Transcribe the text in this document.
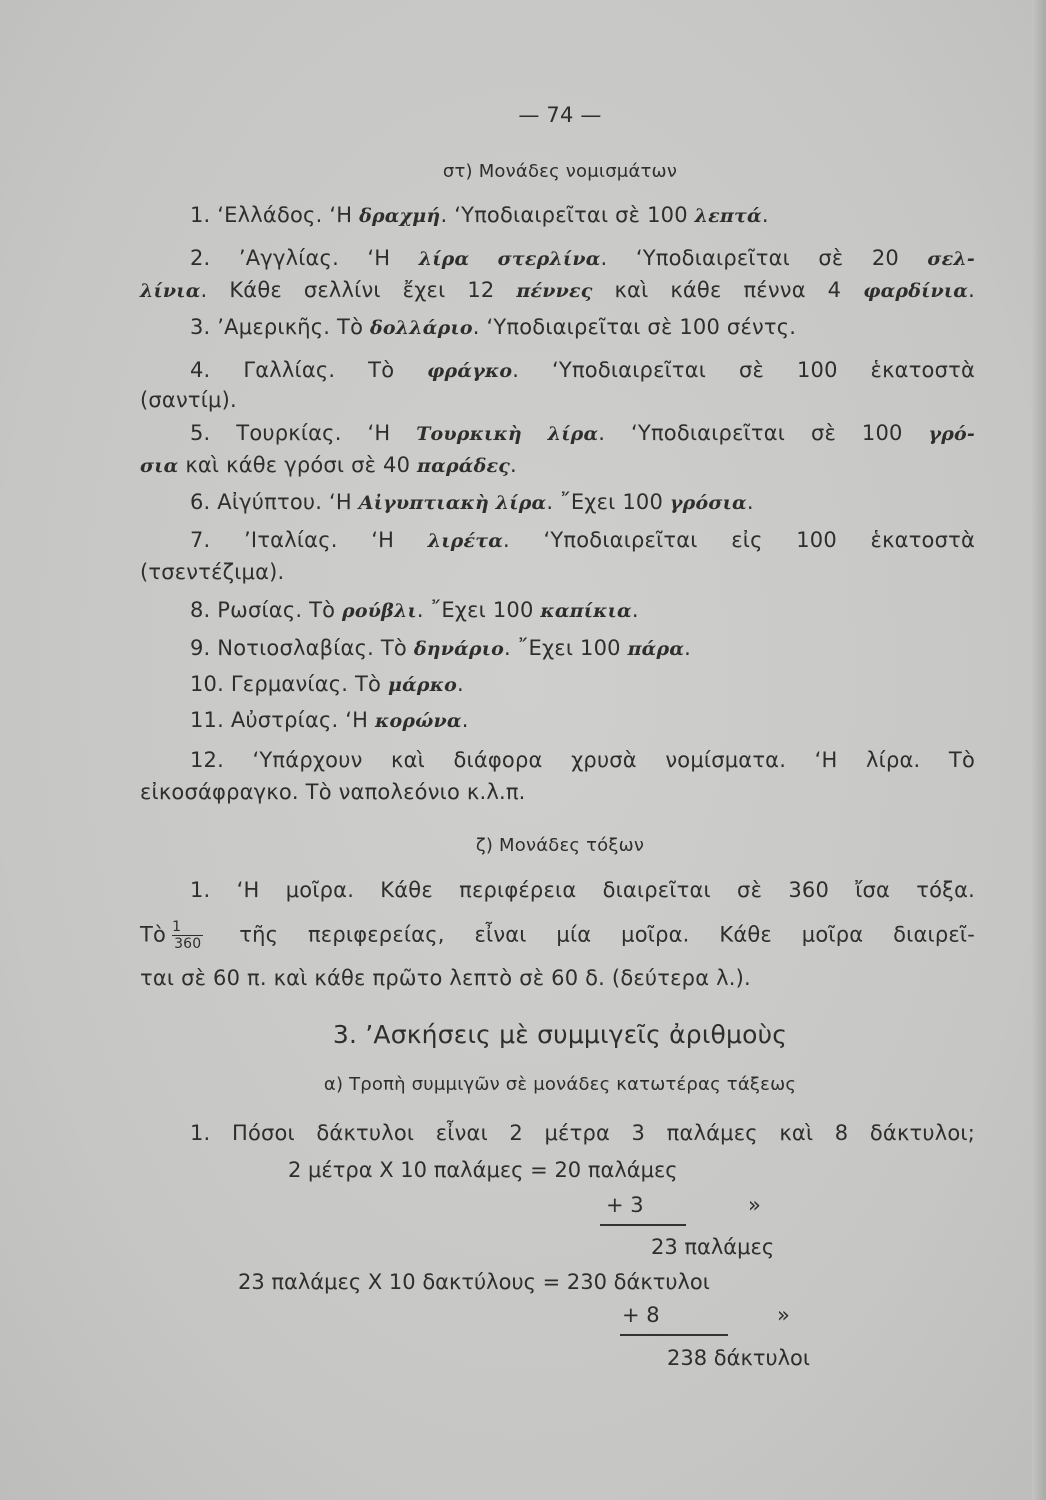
— 74 —
στ) Μονάδες νομισμάτων
1. ‘Ελλάδος. ‘Η δραχμή. ‘Υποδιαιρεῖται σὲ 100 λεπτά.
2. ’Αγγλίας. ‘Η λίρα στερλίνα. ‘Υποδιαιρεῖται σὲ 20 σελ-
λίνια. Κάθε σελλίνι ἔχει 12 πέννες καὶ κάθε πέννα 4 φαρδίνια.
3. ’Αμερικῆς. Τὸ δολλάριο. ‘Υποδιαιρεῖται σὲ 100 σέντς.
4. Γαλλίας. Τὸ φράγκο. ‘Υποδιαιρεῖται σὲ 100 ἑκατοστὰ
(σαντίμ).
5. Τουρκίας. ‘Η Τουρκικὴ λίρα. ‘Υποδιαιρεῖται σὲ 100 γρό-
σια καὶ κάθε γρόσι σὲ 40 παράδες.
6. Αἰγύπτου. ‘Η Αἰγυπτιακὴ λίρα. ῎Εχει 100 γρόσια.
7. ’Ιταλίας. ‘Η λιρέτα. ‘Υποδιαιρεῖται εἰς 100 ἑκατοστὰ
(τσεντέζιμα).
8. Ρωσίας. Τὸ ρούβλι. ῎Εχει 100 καπίκια.
9. Νοτιοσλαβίας. Τὸ δηνάριο. ῎Εχει 100 πάρα.
10. Γερμανίας. Τὸ μάρκο.
11. Αὐστρίας. ‘Η κορώνα.
12. ‘Υπάρχουν καὶ διάφορα χρυσὰ νομίσματα. ‘Η λίρα. Τὸ
εἰκοσάφραγκο. Τὸ ναπολεόνιο κ.λ.π.
ζ) Μονάδες τόξων
1. ‘Η μοῖρα. Κάθε περιφέρεια διαιρεῖται σὲ 360 ἴσα τόξα.
Τὸ $\frac{1}{360}$ τῆς περιφερείας, εἶναι μία μοῖρα. Κάθε μοῖρα διαιρεῖ-
ται σὲ 60 π. καὶ κάθε πρῶτο λεπτὸ σὲ 60 δ. (δεύτερα λ.).
3. ’Ασκήσεις μὲ συμμιγεῖς ἀριθμοὺς
α) Τροπὴ συμμιγῶν σὲ μονάδες κατωτέρας τάξεως
1. Πόσοι δάκτυλοι εἶναι 2 μέτρα 3 παλάμες καὶ 8 δάκτυλοι;
2 μέτρα X 10 παλάμες = 20 παλάμες
+ 3	»
23 παλάμες
23 παλάμες X 10 δακτύλους = 230 δάκτυλοι
+ 8	»
238 δάκτυλοι
